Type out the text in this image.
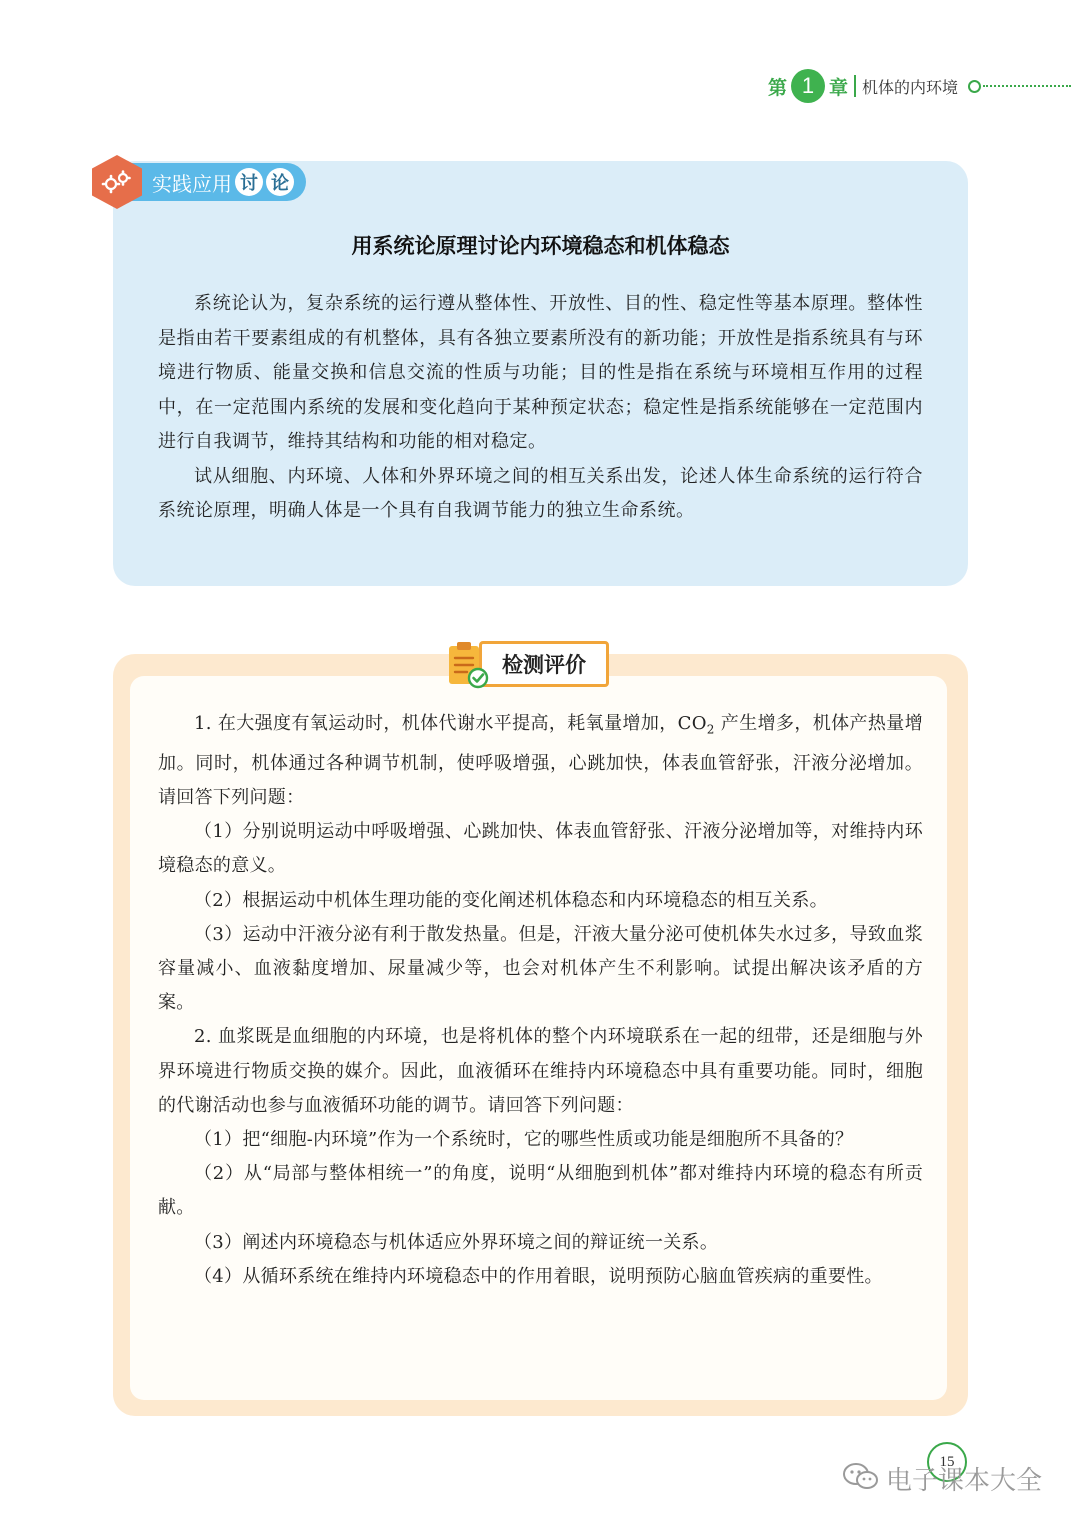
第 1 章 机体的内环境
实践应用 讨 论
用系统论原理讨论内环境稳态和机体稳态

系统论认为，复杂系统的运行遵从整体性、开放性、目的性、稳定性等基本原理。整体性是指由若干要素组成的有机整体，具有各独立要素所没有的新功能；开放性是指系统具有与环境进行物质、能量交换和信息交流的性质与功能；目的性是指在系统与环境相互作用的过程中，在一定范围内系统的发展和变化趋向于某种预定状态；稳定性是指系统能够在一定范围内进行自我调节，维持其结构和功能的相对稳定。

试从细胞、内环境、人体和外界环境之间的相互关系出发，论述人体生命系统的运行符合系统论原理，明确人体是一个具有自我调节能力的独立生命系统。

检测评价

1. 在大强度有氧运动时，机体代谢水平提高，耗氧量增加，$CO_2$ 产生增多，机体产热量增加。同时，机体通过各种调节机制，使呼吸增强，心跳加快，体表血管舒张，汗液分泌增加。请回答下列问题：

（1）分别说明运动中呼吸增强、心跳加快、体表血管舒张、汗液分泌增加等，对维持内环境稳态的意义。

（2）根据运动中机体生理功能的变化阐述机体稳态和内环境稳态的相互关系。

（3）运动中汗液分泌有利于散发热量。但是，汗液大量分泌可使机体失水过多，导致血浆容量减小、血液黏度增加、尿量减少等，也会对机体产生不利影响。试提出解决该矛盾的方案。

2. 血浆既是血细胞的内环境，也是将机体的整个内环境联系在一起的纽带，还是细胞与外界环境进行物质交换的媒介。因此，血液循环在维持内环境稳态中具有重要功能。同时，细胞的代谢活动也参与血液循环功能的调节。请回答下列问题：

（1）把“细胞-内环境”作为一个系统时，它的哪些性质或功能是细胞所不具备的？

（2）从“局部与整体相统一”的角度，说明“从细胞到机体”都对维持内环境的稳态有所贡献。

（3）阐述内环境稳态与机体适应外界环境之间的辩证统一关系。

（4）从循环系统在维持内环境稳态中的作用着眼，说明预防心脑血管疾病的重要性。

15
电子课本大全
